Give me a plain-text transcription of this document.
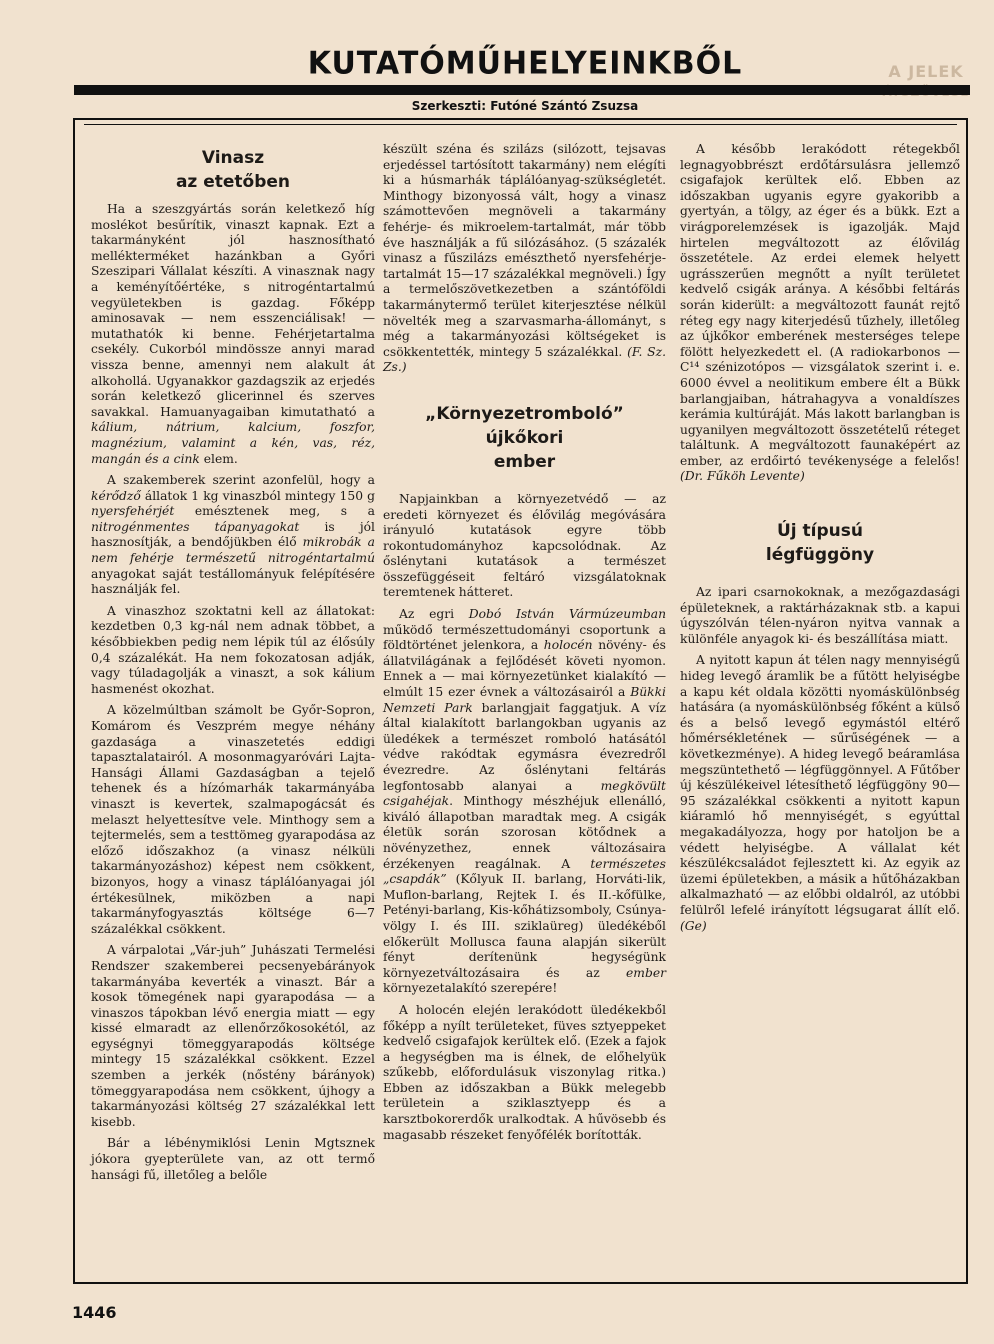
A JELEK
KUTATÓMŰHELYEINKBŐL
Szerkeszti: Futóné Szántó Zsuzsa
Vinasz
az etetőben

Ha a szeszgyártás során keletkező híg moslékot besűrítik, vinaszt kapnak. Ezt a takarmányként jól hasznosítható mellékterméket hazánkban a Győri Szeszipari Vállalat készíti. A vinasznak nagy a keményítőértéke, s nitrogéntartalmú vegyületekben is gazdag. Főképp aminosavak — nem esszenciálisak! — mutathatók ki benne. Fehérjetartalma csekély. Cukorból mindössze annyi marad vissza benne, amennyi nem alakult át alkohollá. Ugyanakkor gazdagszik az erjedés során keletkező glicerinnel és szerves savakkal. Hamuanyagaiban kimutatható a kálium, nátrium, kalcium, foszfor, magnézium, valamint a kén, vas, réz, mangán és a cink elem.

A szakemberek szerint azonfelül, hogy a kérődző állatok 1 kg vinaszból mintegy 150 g nyersfehérjét emésztenek meg, s a nitrogénmentes tápanyagokat is jól hasznosítják, a bendőjükben élő mikrobák a nem fehérje természetű nitrogéntartalmú anyagokat saját testállományuk felépítésére használják fel.

A vinaszhoz szoktatni kell az állatokat: kezdetben 0,3 kg-nál nem adnak többet, a későbbiekben pedig nem lépik túl az élősúly 0,4 százalékát. Ha nem fokozatosan adják, vagy túladagolják a vinaszt, a sok kálium hasmenést okozhat.

A közelmúltban számolt be Győr-Sopron, Komárom és Veszprém megye néhány gazdasága a vinaszetetés eddigi tapasztalatairól. A mosonmagyaróvári Lajta-Hansági Állami Gazdaságban a tejelő tehenek és a hízómarhák takarmányába vinaszt is kevertek, szalmapogácsát és melaszt helyettesítve vele. Minthogy sem a tejtermelés, sem a testtömeg gyarapodása az előző időszakhoz (a vinasz nélküli takarmányozáshoz) képest nem csökkent, bizonyos, hogy a vinasz táplálóanyagai jól értékesülnek, miközben a napi takarmányfogyasztás költsége 6—7 százalékkal csökkent.

A várpalotai „Vár-juh” Juhászati Termelési Rendszer szakemberei pecsenyebárányok takarmányába keverték a vinaszt. Bár a kosok tömegének napi gyarapodása — a vinaszos tápokban lévő energia miatt — egy kissé elmaradt az ellenőrzőkosokétól, az egységnyi tömeggyarapodás költsége mintegy 15 százalékkal csökkent. Ezzel szemben a jerkék (nőstény bárányok) tömeggyarapodása nem csökkent, újhogy a takarmányozási költség 27 százalékkal lett kisebb.

Bár a lébénymiklósi Lenin Mgtsznek jókora gyepterülete van, az ott termő hansági fű, illetőleg a belőle

készült széna és szilázs (silózott, tejsavas erjedéssel tartósított takarmány) nem elégíti ki a húsmarhák táplálóanyag-szükségletét. Minthogy bizonyossá vált, hogy a vinasz számottevően megnöveli a takarmány fehérje- és mikroelem-tartalmát, már több éve használják a fű silózásához. (5 százalék vinasz a fűszilázs emészthető nyersfehérje-tartalmát 15—17 százalékkal megnöveli.) Így a termelőszövetkezetben a szántóföldi takarmánytermő terület kiterjesztése nélkül növelték meg a szarvasmarha-állományt, s még a takarmányozási költségeket is csökkentették, mintegy 5 százalékkal. (F. Sz. Zs.)

„Környezetromboló”
újkőkori
ember

Napjainkban a környezetvédő — az eredeti környezet és élővilág megóvására irányuló kutatások egyre több rokontudományhoz kapcsolódnak. Az őslénytani kutatások a természet összefüggéseit feltáró vizsgálatoknak teremtenek hátteret.

Az egri Dobó István Vármúzeumban működő természettudományi csoportunk a földtörténet jelenkora, a holocén növény- és állatvilágának a fejlődését követi nyomon. Ennek a — mai környezetünket kialakító — elmúlt 15 ezer évnek a változásairól a Bükki Nemzeti Park barlangjait faggatjuk. A víz által kialakított barlangokban ugyanis az üledékek a természet romboló hatásától védve rakódtak egymásra évezredről évezredre. Az őslénytani feltárás legfontosabb alanyai a megkövült csigahéjak. Minthogy mészhéjuk ellenálló, kiváló állapotban maradtak meg. A csigák életük során szorosan kötődnek a növényzethez, ennek változásaira érzékenyen reagálnak. A természetes „csapdák” (Kőlyuk II. barlang, Horváti-lik, Muflon-barlang, Rejtek I. és II.-kőfülke, Petényi-barlang, Kis-kőhátizsomboly, Csúnya-völgy I. és III. sziklaüreg) üledékéből előkerült Mollusca fauna alapján sikerült fényt derítenünk hegységünk környezetváltozásaira és az ember környezetalakító szerepére!

A holocén elején lerakódott üledékekből főképp a nyílt területeket, füves sztyeppeket kedvelő csigafajok kerültek elő. (Ezek a fajok a hegységben ma is élnek, de előhelyük szűkebb, előfordulásuk viszonylag ritka.) Ebben az időszakban a Bükk melegebb területein a sziklasztyepp és a karsztbokorerdők uralkodtak. A hűvösebb és magasabb részeket fenyőfélék borították.

A később lerakódott rétegekből legnagyobbrészt erdőtársulásra jellemző csigafajok kerültek elő. Ebben az időszakban ugyanis egyre gyakoribb a gyertyán, a tölgy, az éger és a bükk. Ezt a virágporelemzések is igazolják. Majd hirtelen megváltozott az élővilág összetétele. Az erdei elemek helyett ugrásszerűen megnőtt a nyílt területet kedvelő csigák aránya. A későbbi feltárás során kiderült: a megváltozott faunát rejtő réteg egy nagy kiterjedésű tűzhely, illetőleg az újkőkor emberének mesterséges telepe fölött helyezkedett el. (A radiokarbonos — C¹⁴ szénizotópos — vizsgálatok szerint i. e. 6000 évvel a neolitikum embere élt a Bükk barlangjaiban, hátrahagyva a vonaldíszes kerámia kultúráját. Más lakott barlangban is ugyanilyen megváltozott összetételű réteget találtunk. A megváltozott faunaképért az ember, az erdőirtó tevékenysége a felelős! (Dr. Fűköh Levente)

Új típusú
légfüggöny

Az ipari csarnokoknak, a mezőgazdasági épületeknek, a raktárházaknak stb. a kapui úgyszólván télen-nyáron nyitva vannak a különféle anyagok ki- és beszállítása miatt.

A nyitott kapun át télen nagy mennyiségű hideg levegő áramlik be a fűtött helyiségbe a kapu két oldala közötti nyomáskülönbség hatására (a nyomáskülönbség főként a külső és a belső levegő egymástól eltérő hőmérsékletének — sűrűségének — a következménye). A hideg levegő beáramlása megszüntethető — légfüggönnyel. A Fűtőber új készülékeivel létesíthető légfüggöny 90—95 százalékkal csökkenti a nyitott kapun kiáramló hő mennyiségét, s egyúttal megakadályozza, hogy por hatoljon be a védett helyiségbe. A vállalat két készülékcsaládot fejlesztett ki. Az egyik az üzemi épületekben, a másik a hűtőházakban alkalmazható — az előbbi oldalról, az utóbbi felülről lefelé irányított légsugarat állít elő. (Ge)

1446
